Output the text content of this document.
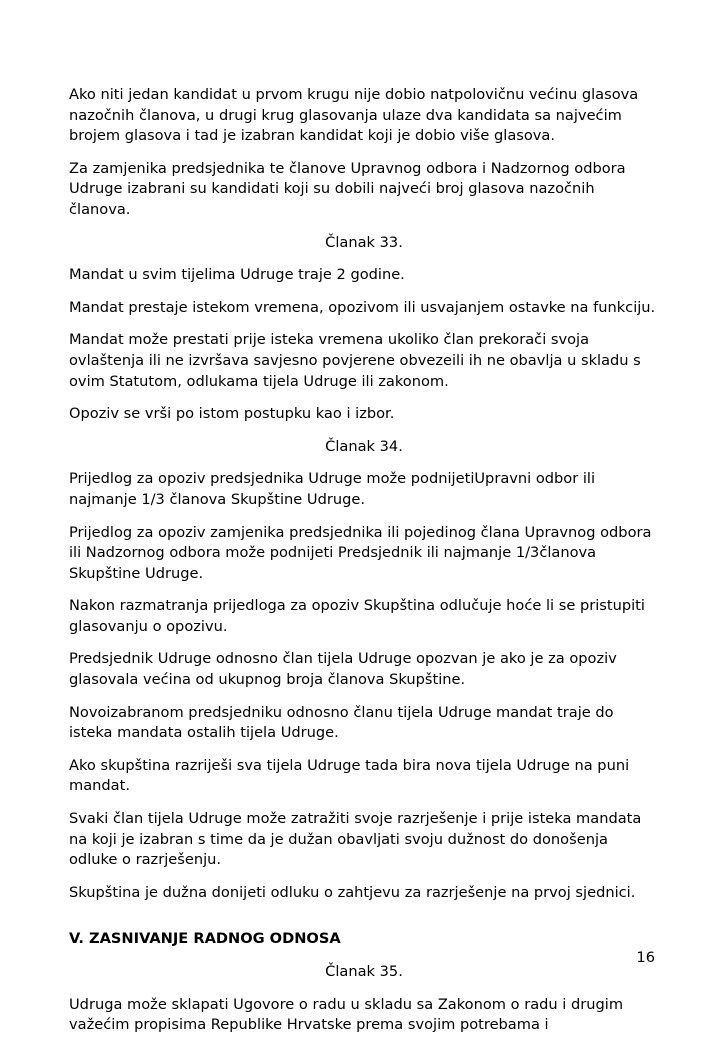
Ako niti jedan kandidat u prvom krugu nije dobio natpolovičnu većinu glasova nazočnih članova, u drugi krug glasovanja ulaze dva kandidata sa najvećim brojem glasova i tad je izabran kandidat koji je dobio više glasova.

Za zamjenika predsjednika te članove Upravnog odbora i Nadzornog odbora Udruge izabrani su kandidati koji su dobili najveći broj glasova nazočnih članova.

Članak 33.

Mandat u svim tijelima Udruge traje 2 godine.

Mandat prestaje istekom vremena, opozivom ili usvajanjem ostavke na funkciju.

Mandat može prestati prije isteka vremena ukoliko član prekorači svoja ovlaštenja ili ne izvršava savjesno povjerene obvezeili ih ne obavlja u skladu s ovim Statutom, odlukama tijela Udruge ili zakonom.

Opoziv se vrši po istom postupku kao i izbor.

Članak 34.

Prijedlog za opoziv predsjednika Udruge može podnijetiUpravni odbor ili najmanje 1/3 članova Skupštine Udruge.

Prijedlog za opoziv zamjenika predsjednika ili pojedinog člana Upravnog odbora ili Nadzornog odbora može podnijeti Predsjednik ili najmanje 1/3članova Skupštine Udruge.

Nakon razmatranja prijedloga za opoziv Skupština odlučuje hoće li se pristupiti glasovanju o opozivu.

Predsjednik Udruge odnosno član tijela Udruge opozvan je ako je za opoziv glasovala većina od ukupnog broja članova Skupštine.

Novoizabranom predsjedniku odnosno članu tijela Udruge mandat traje do isteka mandata ostalih tijela Udruge.

Ako skupština razriješi sva tijela Udruge tada bira nova tijela Udruge na puni mandat.

Svaki član tijela Udruge može zatražiti svoje razrješenje i prije isteka mandata na koji je izabran s time da je dužan obavljati svoju dužnost do donošenja odluke o razrješenju.

Skupština je dužna donijeti odluku o zahtjevu za razrješenje na prvoj sjednici.

V. ZASNIVANJE RADNOG ODNOSA

Članak 35.

Udruga može sklapati Ugovore o radu u skladu sa Zakonom o radu i drugim važećim propisima Republike Hrvatske prema svojim potrebama i

16
